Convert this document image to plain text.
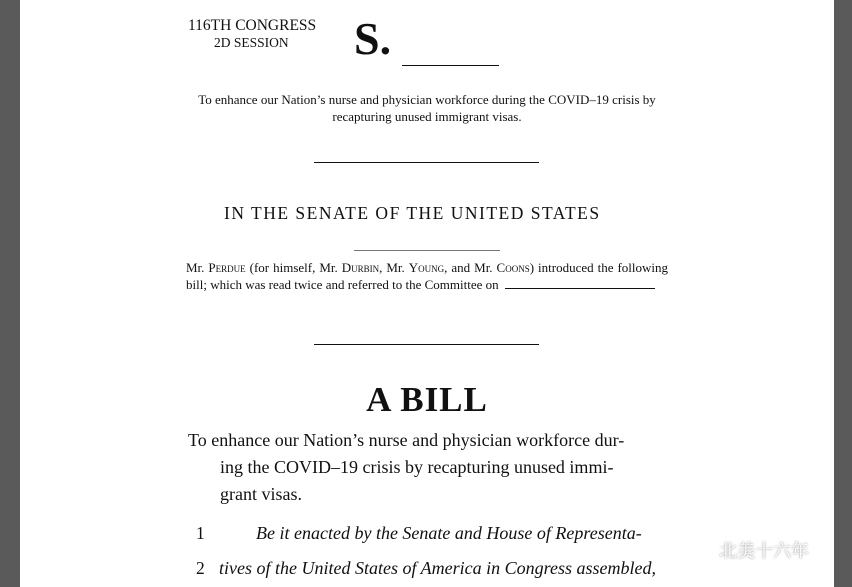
116TH CONGRESS
2D SESSION S.
To enhance our Nation’s nurse and physician workforce during the COVID–19 crisis by recapturing unused immigrant visas.
IN THE SENATE OF THE UNITED STATES
Mr. Perdue (for himself, Mr. Durbin, Mr. Young, and Mr. Coons) introduced the following bill; which was read twice and referred to the Committee on
A BILL
To enhance our Nation’s nurse and physician workforce dur-
ing the COVID–19 crisis by recapturing unused immi-
grant visas.
1	Be it enacted by the Senate and House of Representa-
2 tives of the United States of America in Congress assembled,
北美十六年
